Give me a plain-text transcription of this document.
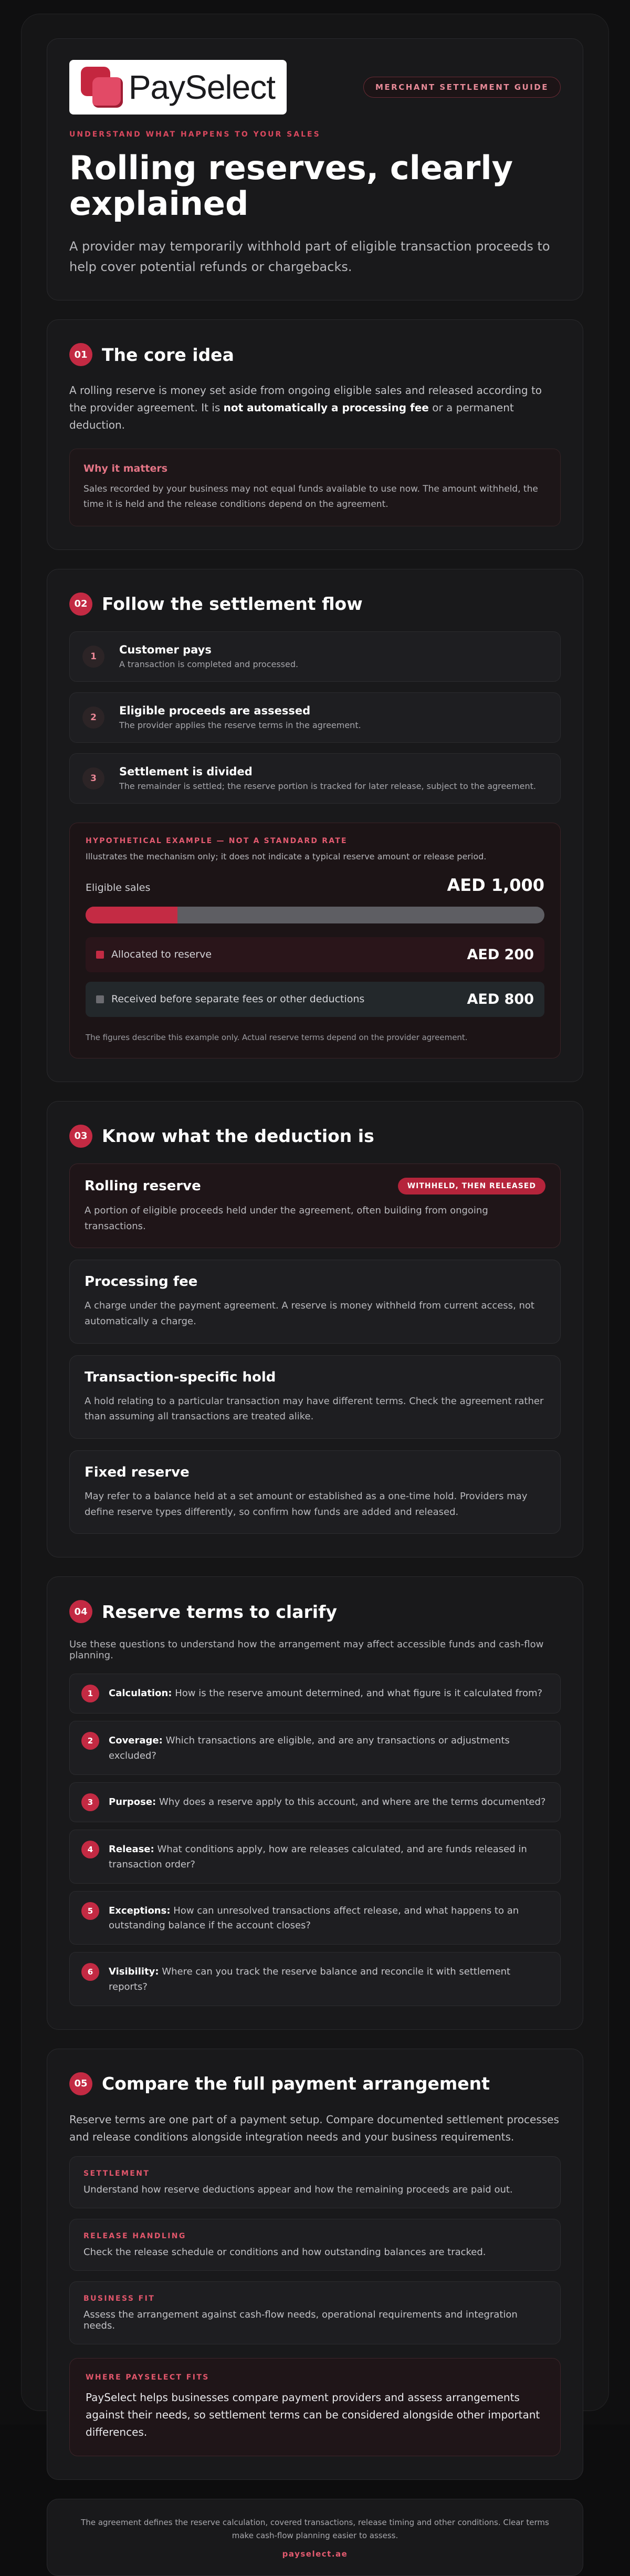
PaySelect	MERCHANT SETTLEMENT GUIDE
UNDERSTAND WHAT HAPPENS TO YOUR SALES
Rolling reserves, clearly explained

A provider may temporarily withhold part of eligible transaction proceeds to help cover potential refunds or chargebacks.

01 The core idea

A rolling reserve is money set aside from ongoing eligible sales and released according to the provider agreement. It is not automatically a processing fee or a permanent deduction.

Why it matters
Sales recorded by your business may not equal funds available to use now. The amount withheld, the time it is held and the release conditions depend on the agreement.
02 Follow the settlement flow
1
Customer pays
A transaction is completed and processed.
2
Eligible proceeds are assessed
The provider applies the reserve terms in the agreement.
3
Settlement is divided
The remainder is settled; the reserve portion is tracked for later release, subject to the agreement.
HYPOTHETICAL EXAMPLE — NOT A STANDARD RATE
Illustrates the mechanism only; it does not indicate a typical reserve amount or release period.
Eligible sales	AED 1,000
Allocated to reserve	AED 200
Received before separate fees or other deductions	AED 800
The figures describe this example only. Actual reserve terms depend on the provider agreement.
03 Know what the deduction is
Rolling reserve	WITHHELD, THEN RELEASED

A portion of eligible proceeds held under the agreement, often building from ongoing transactions.

Processing fee

A charge under the payment agreement. A reserve is money withheld from current access, not automatically a charge.

Transaction-specific hold

A hold relating to a particular transaction may have different terms. Check the agreement rather than assuming all transactions are treated alike.

Fixed reserve

May refer to a balance held at a set amount or established as a one-time hold. Providers may define reserve types differently, so confirm how funds are added and released.

04 Reserve terms to clarify

Use these questions to understand how the arrangement may affect accessible funds and cash-flow planning.

1	Calculation: How is the reserve amount determined, and what figure is it calculated from?
2	Coverage: Which transactions are eligible, and are any transactions or adjustments excluded?
3	Purpose: Why does a reserve apply to this account, and where are the terms documented?
4	Release: What conditions apply, how are releases calculated, and are funds released in transaction order?
5	Exceptions: How can unresolved transactions affect release, and what happens to an outstanding balance if the account closes?
6	Visibility: Where can you track the reserve balance and reconcile it with settlement reports?
05 Compare the full payment arrangement

Reserve terms are one part of a payment setup. Compare documented settlement processes and release conditions alongside integration needs and your business requirements.

SETTLEMENT
Understand how reserve deductions appear and how the remaining proceeds are paid out.
RELEASE HANDLING
Check the release schedule or conditions and how outstanding balances are tracked.
BUSINESS FIT
Assess the arrangement against cash-flow needs, operational requirements and integration needs.
WHERE PAYSELECT FITS
PaySelect helps businesses compare payment providers and assess arrangements against their needs, so settlement terms can be considered alongside other important differences.
The agreement defines the reserve calculation, covered transactions, release timing and other conditions. Clear terms make cash-flow planning easier to assess.
payselect.ae
